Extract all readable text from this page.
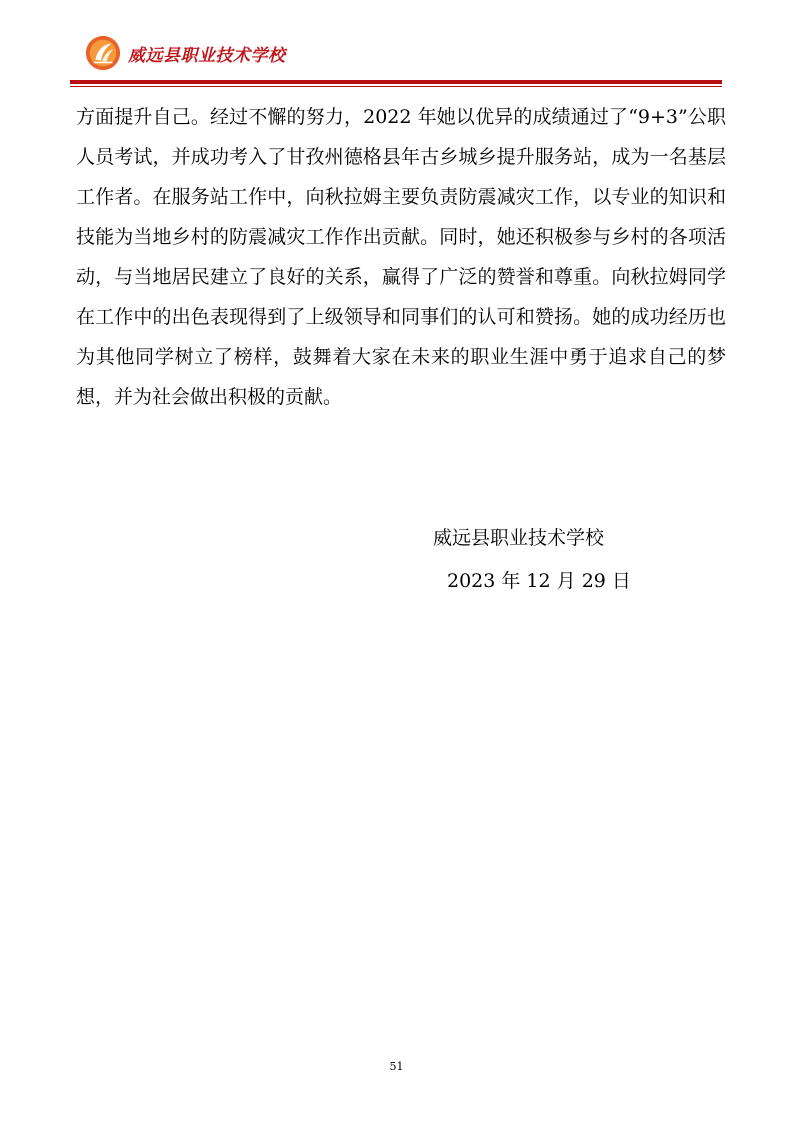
威远县职业技术学校

方面提升自己。经过不懈的努力，2022 年她以优异的成绩通过了“9+3”公职人员考试，并成功考入了甘孜州德格县年古乡城乡提升服务站，成为一名基层工作者。在服务站工作中，向秋拉姆主要负责防震减灾工作，以专业的知识和技能为当地乡村的防震减灾工作作出贡献。同时，她还积极参与乡村的各项活动，与当地居民建立了良好的关系，赢得了广泛的赞誉和尊重。向秋拉姆同学在工作中的出色表现得到了上级领导和同事们的认可和赞扬。她的成功经历也为其他同学树立了榜样，鼓舞着大家在未来的职业生涯中勇于追求自己的梦想，并为社会做出积极的贡献。

威远县职业技术学校
2023 年 12 月 29 日
51
